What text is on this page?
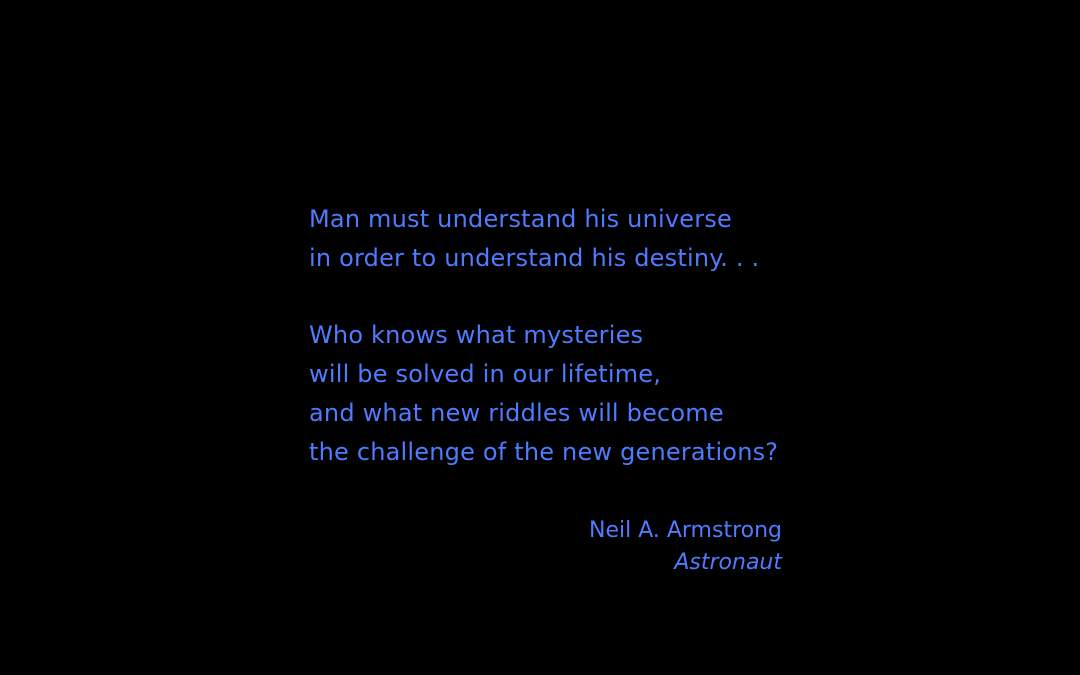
Man must understand his universe
in order to understand his destiny. . .
Who knows what mysteries
will be solved in our lifetime,
and what new riddles will become
the challenge of the new generations?
Neil A. Armstrong
Astronaut
